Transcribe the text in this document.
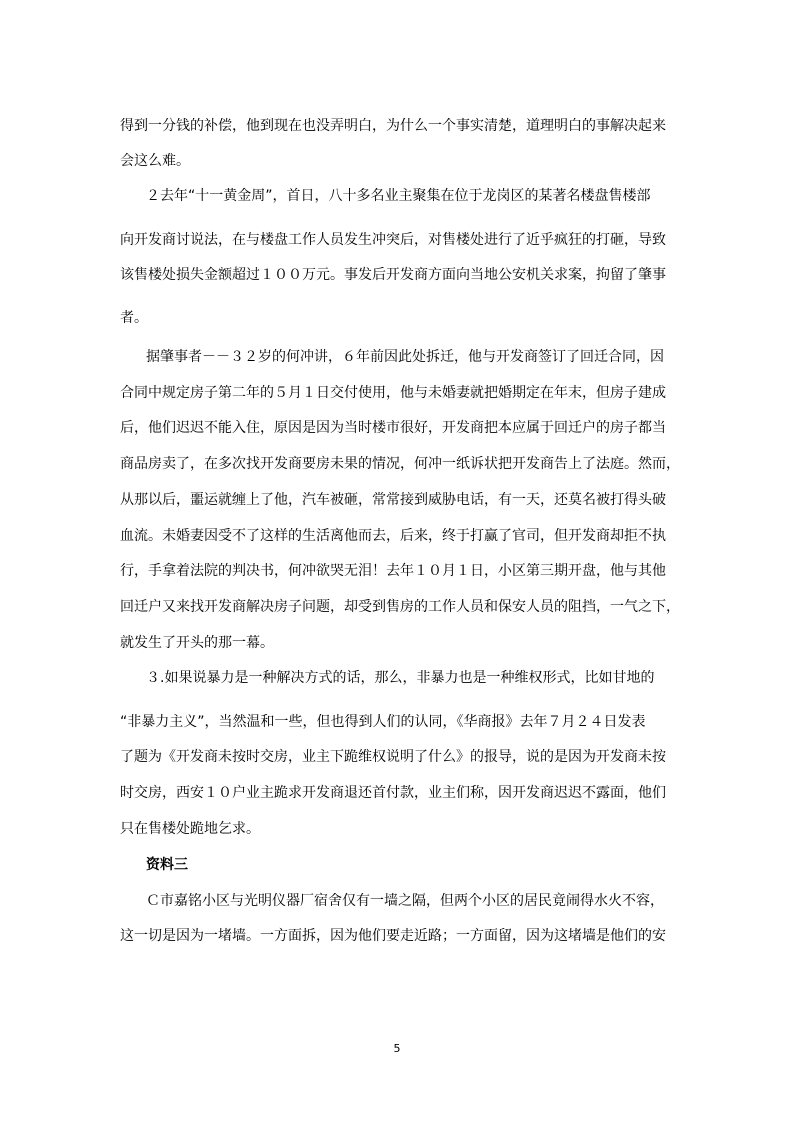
得到一分钱的补偿，他到现在也没弄明白，为什么一个事实清楚，道理明白的事解决起来
会这么难。
２去年“十一黄金周”，首日，八十多名业主聚集在位于龙岗区的某著名楼盘售楼部
向开发商讨说法，在与楼盘工作人员发生冲突后，对售楼处进行了近乎疯狂的打砸，导致
该售楼处损失金额超过１００万元。事发后开发商方面向当地公安机关求案，拘留了肇事
者。
据肇事者－－３２岁的何冲讲，６年前因此处拆迁，他与开发商签订了回迁合同，因
合同中规定房子第二年的５月１日交付使用，他与未婚妻就把婚期定在年末，但房子建成
后，他们迟迟不能入住，原因是因为当时楼市很好，开发商把本应属于回迁户的房子都当
商品房卖了，在多次找开发商要房未果的情况，何冲一纸诉状把开发商告上了法庭。然而，
从那以后，噩运就缠上了他，汽车被砸，常常接到威胁电话，有一天，还莫名被打得头破
血流。未婚妻因受不了这样的生活离他而去，后来，终于打赢了官司，但开发商却拒不执
行，手拿着法院的判决书，何冲欲哭无泪！去年１０月１日，小区第三期开盘，他与其他
回迁户又来找开发商解决房子问题，却受到售房的工作人员和保安人员的阻挡，一气之下，
就发生了开头的那一幕。
３.如果说暴力是一种解决方式的话，那么，非暴力也是一种维权形式，比如甘地的
“非暴力主义”，当然温和一些，但也得到人们的认同，《华商报》去年７月２４日发表
了题为《开发商未按时交房，业主下跪维权说明了什么》的报导，说的是因为开发商未按
时交房，西安１０户业主跪求开发商退还首付款，业主们称，因开发商迟迟不露面，他们
只在售楼处跪地乞求。
资料三
Ｃ市嘉铭小区与光明仪器厂宿舍仅有一墙之隔，但两个小区的居民竟闹得水火不容，
这一切是因为一堵墙。一方面拆，因为他们要走近路；一方面留，因为这堵墙是他们的安
5
